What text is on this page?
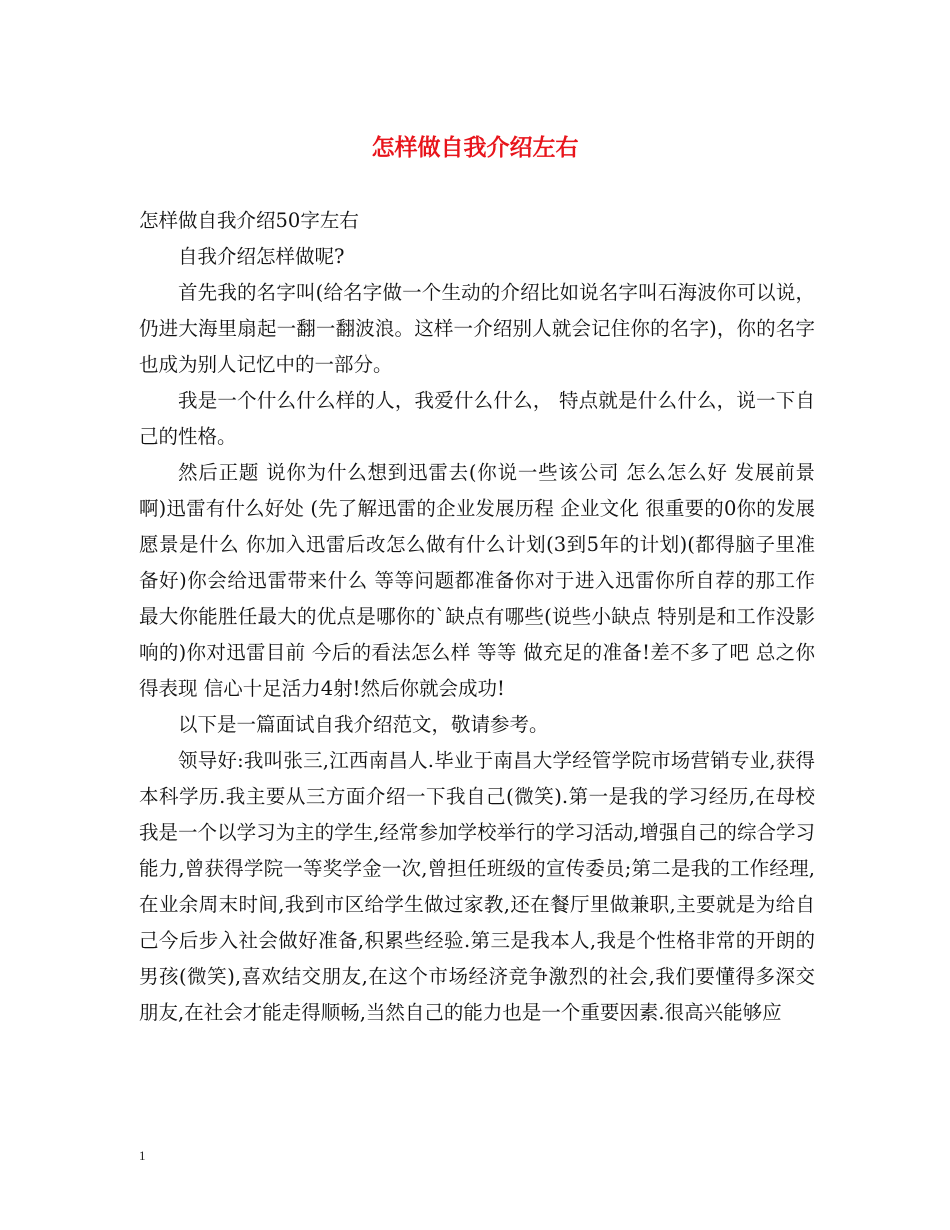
怎样做自我介绍左右

怎样做自我介绍50字左右

自我介绍怎样做呢?

首先我的名字叫(给名字做一个生动的介绍比如说名字叫石海波你可以说，仍进大海里扇起一翻一翻波浪。这样一介绍别人就会记住你的名字)，你的名字也成为别人记忆中的一部分。

我是一个什么什么样的人，我爱什么什么， 特点就是什么什么，说一下自己的性格。

然后正题 说你为什么想到迅雷去(你说一些该公司 怎么怎么好 发展前景啊)迅雷有什么好处 (先了解迅雷的企业发展历程 企业文化 很重要的0你的发展愿景是什么 你加入迅雷后改怎么做有什么计划(3到5年的计划)(都得脑子里准备好)你会给迅雷带来什么 等等问题都准备你对于进入迅雷你所自荐的那工作最大你能胜任最大的优点是哪你的`缺点有哪些(说些小缺点 特别是和工作没影响的)你对迅雷目前 今后的看法怎么样 等等 做充足的准备!差不多了吧 总之你得表现 信心十足活力4射!然后你就会成功!

以下是一篇面试自我介绍范文，敬请参考。

领导好:我叫张三,江西南昌人.毕业于南昌大学经管学院市场营销专业,获得本科学历.我主要从三方面介绍一下我自己(微笑).第一是我的学习经历,在母校我是一个以学习为主的学生,经常参加学校举行的学习活动,增强自己的综合学习能力,曾获得学院一等奖学金一次,曾担任班级的宣传委员;第二是我的工作经理,在业余周末时间,我到市区给学生做过家教,还在餐厅里做兼职,主要就是为给自己今后步入社会做好准备,积累些经验.第三是我本人,我是个性格非常的开朗的男孩(微笑),喜欢结交朋友,在这个市场经济竞争激烈的社会,我们要懂得多深交朋友,在社会才能走得顺畅,当然自己的能力也是一个重要因素.很高兴能够应

1
